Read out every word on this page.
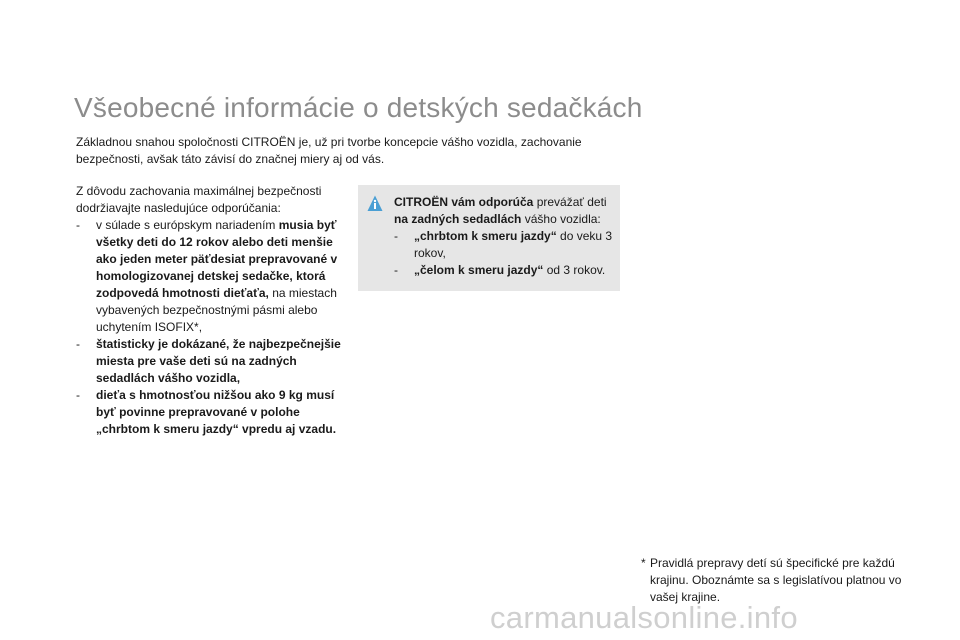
Všeobecné informácie o detských sedačkách

Základnou snahou spoločnosti CITROËN je, už pri tvorbe koncepcie vášho vozidla, zachovanie bezpečnosti, avšak táto závisí do značnej miery aj od vás.

Z dôvodu zachovania maximálnej bezpečnosti dodržiavajte nasledujúce odporúčania:

- v súlade s európskym nariadením musia byť všetky deti do 12 rokov alebo deti menšie ako jeden meter päťdesiat prepravované v homologizovanej detskej sedačke, ktorá zodpovedá hmotnosti dieťaťa, na miestach vybavených bezpečnostnými pásmi alebo uchytením ISOFIX*,

- štatisticky je dokázané, že najbezpečnejšie miesta pre vaše deti sú na zadných sedadlách vášho vozidla,

- dieťa s hmotnosťou nižšou ako 9 kg musí byť povinne prepravované v polohe „chrbtom k smeru jazdy“ vpredu aj vzadu.

CITROËN vám odporúča prevážať deti na zadných sedadlách vášho vozidla:

- „chrbtom k smeru jazdy“ do veku 3 rokov,

- „čelom k smeru jazdy“ od 3 rokov.

* Pravidlá prepravy detí sú špecifické pre každú krajinu. Oboznámte sa s legislatívou platnou vo vašej krajine.
carmanualsonline.info
